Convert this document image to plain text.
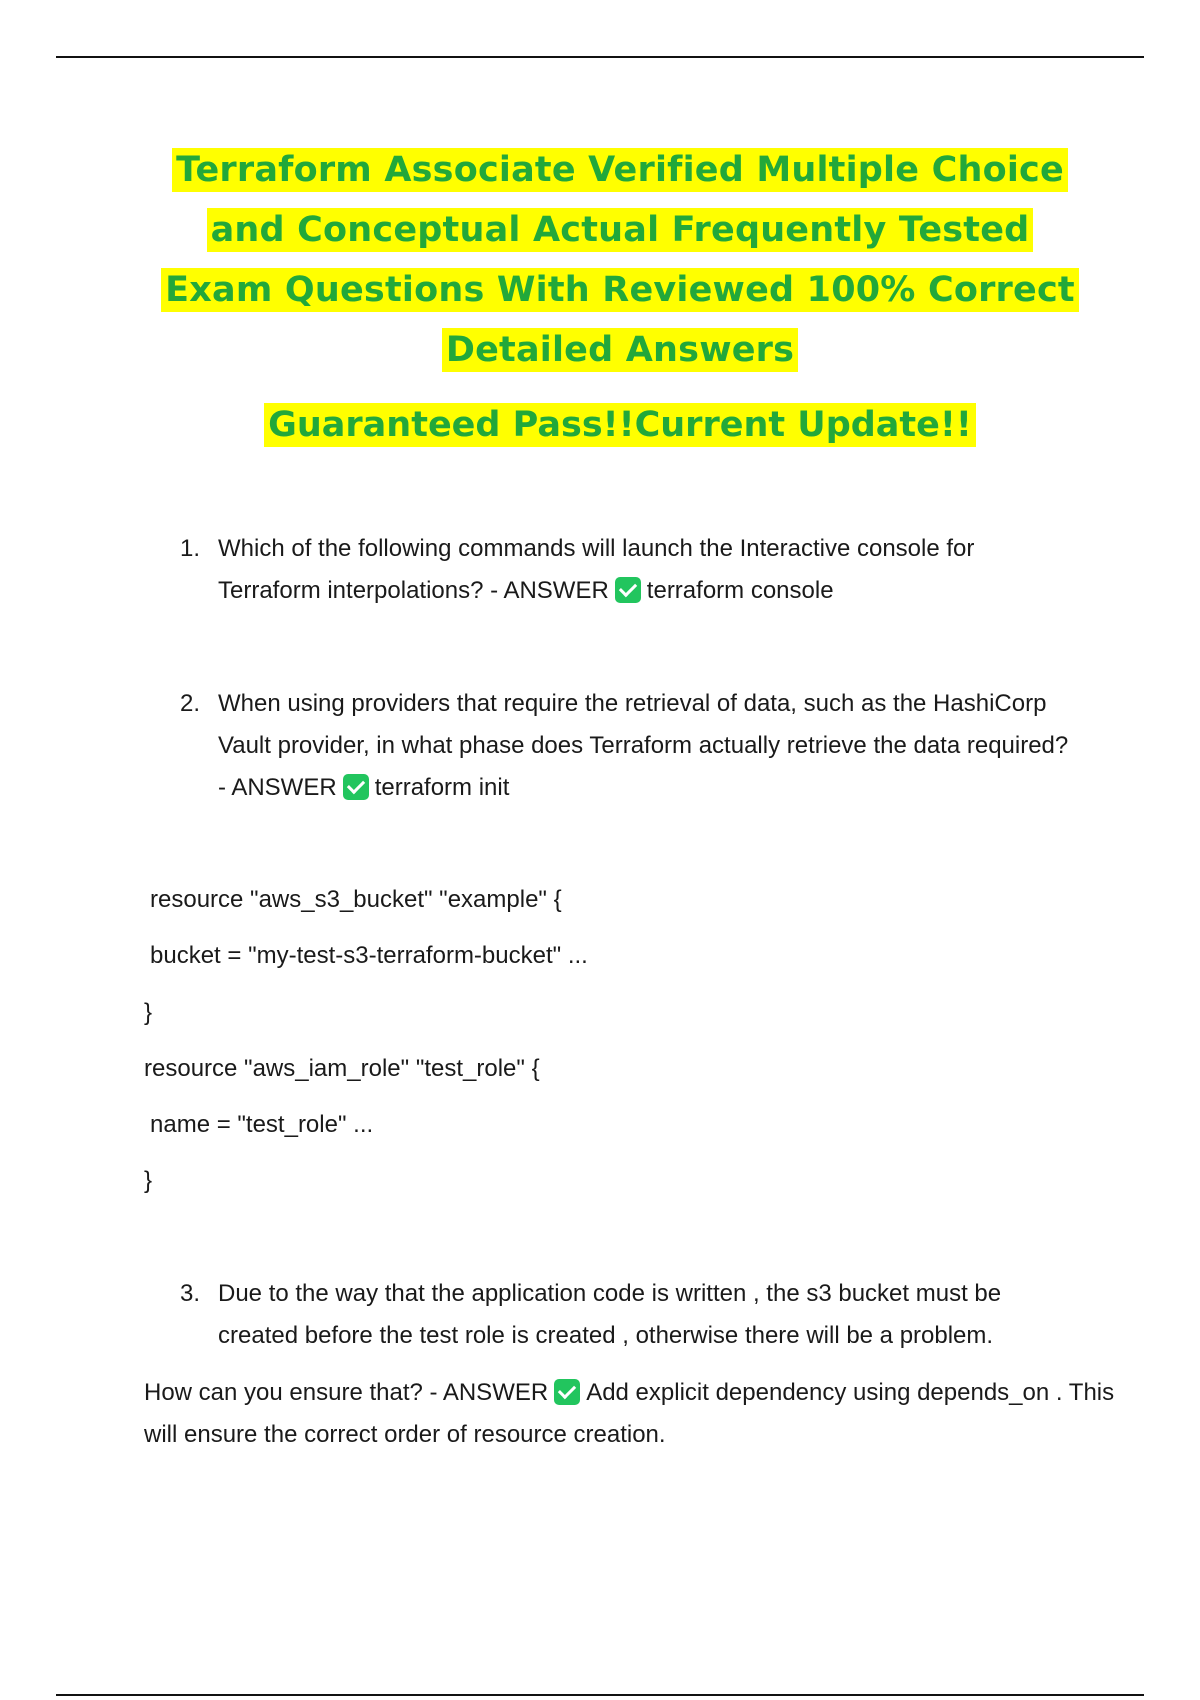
Terraform Associate Verified Multiple Choice
and Conceptual Actual Frequently Tested
Exam Questions With Reviewed 100% Correct
Detailed Answers
Guaranteed Pass!!Current Update!!
1. Which of the following commands will launch the Interactive console for Terraform interpolations? - ANSWER terraform console
2. When using providers that require the retrieval of data, such as the HashiCorp Vault provider, in what phase does Terraform actually retrieve the data required? - ANSWER terraform init
resource "aws_s3_bucket" "example" {
bucket = "my-test-s3-terraform-bucket" ...
}
resource "aws_iam_role" "test_role" {
name = "test_role" ...
}
3. Due to the way that the application code is written , the s3 bucket must be created before the test role is created , otherwise there will be a problem.
How can you ensure that? - ANSWER Add explicit dependency using depends_on . This will ensure the correct order of resource creation.
